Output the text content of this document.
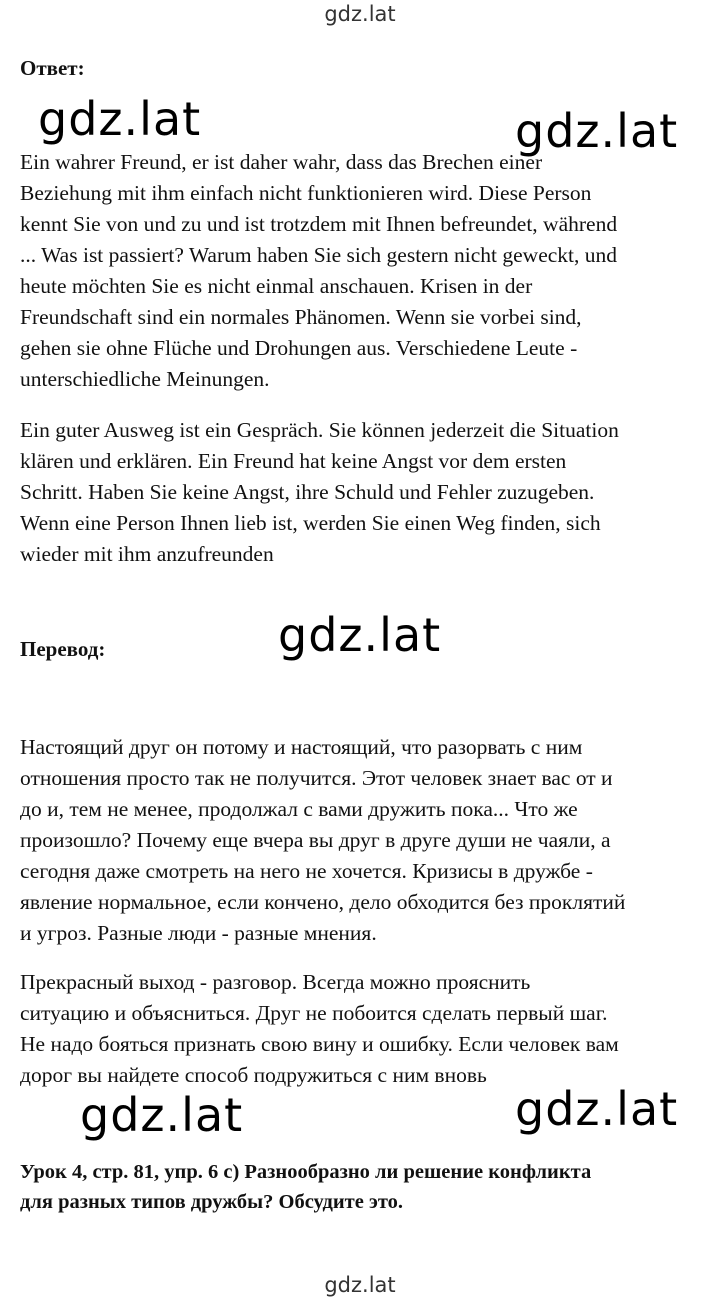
gdz.lat
Ответ:
gdz.lat	gdz.lat

Ein wahrer Freund, er ist daher wahr, dass das Brechen einer
Beziehung mit ihm einfach nicht funktionieren wird. Diese Person
kennt Sie von und zu und ist trotzdem mit Ihnen befreundet, während
... Was ist passiert? Warum haben Sie sich gestern nicht geweckt, und
heute möchten Sie es nicht einmal anschauen. Krisen in der
Freundschaft sind ein normales Phänomen. Wenn sie vorbei sind,
gehen sie ohne Flüche und Drohungen aus. Verschiedene Leute -
unterschiedliche Meinungen.

Ein guter Ausweg ist ein Gespräch. Sie können jederzeit die Situation
klären und erklären. Ein Freund hat keine Angst vor dem ersten
Schritt. Haben Sie keine Angst, ihre Schuld und Fehler zuzugeben.
Wenn eine Person Ihnen lieb ist, werden Sie einen Weg finden, sich
wieder mit ihm anzufreunden

gdz.lat
Перевод:

Настоящий друг он потому и настоящий, что разорвать с ним
отношения просто так не получится. Этот человек знает вас от и
до и, тем не менее, продолжал с вами дружить пока... Что же
произошло? Почему еще вчера вы друг в друге души не чаяли, а
сегодня даже смотреть на него не хочется. Кризисы в дружбе -
явление нормальное, если кончено, дело обходится без проклятий
и угроз. Разные люди - разные мнения.

Прекрасный выход - разговор. Всегда можно прояснить
ситуацию и объясниться. Друг не побоится сделать первый шаг.
Не надо бояться признать свою вину и ошибку. Если человек вам
дорог вы найдете способ подружиться с ним вновь

gdz.lat	gdz.lat
Урок 4, стр. 81, упр. 6 с) Разнообразно ли решение конфликта
для разных типов дружбы? Обсудите это.
gdz.lat
